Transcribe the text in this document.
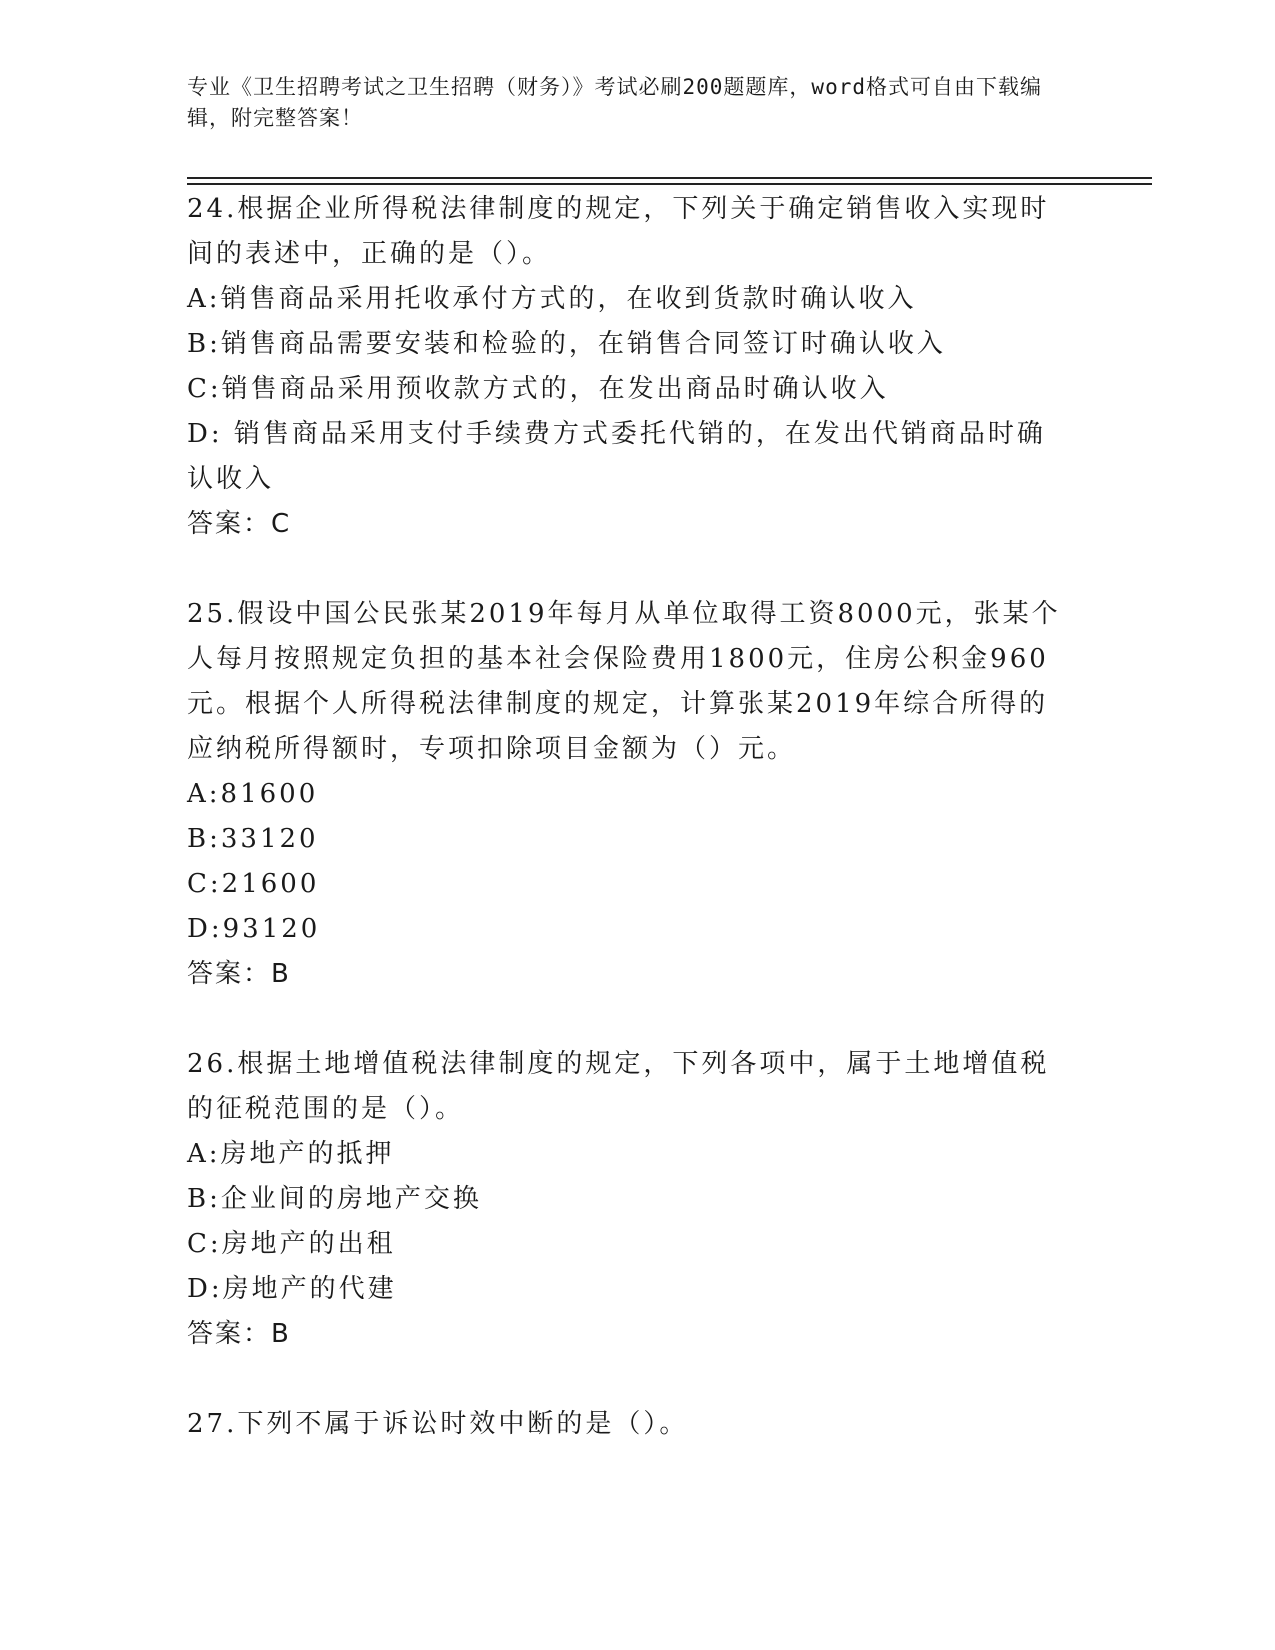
专业《卫生招聘考试之卫生招聘（财务）》考试必刷200题题库，word格式可自由下载编辑，附完整答案！

24.根据企业所得税法律制度的规定，下列关于确定销售收入实现时间的表述中，正确的是（）。

A: 销售商品采用托收承付方式的，在收到货款时确认收入

B: 销售商品需要安装和检验的，在销售合同签订时确认收入

C: 销售商品采用预收款方式的，在发出商品时确认收入

D: 销售商品采用支付手续费方式委托代销的，在发出代销商品时确认收入

答案：C

25.假设中国公民张某2019年每月从单位取得工资8000元，张某个人每月按照规定负担的基本社会保险费用1800元，住房公积金960元。根据个人所得税法律制度的规定，计算张某2019年综合所得的应纳税所得额时，专项扣除项目金额为（）元。

A: 81600

B: 33120

C: 21600

D: 93120

答案：B

26.根据土地增值税法律制度的规定，下列各项中，属于土地增值税的征税范围的是（）。

A: 房地产的抵押

B: 企业间的房地产交换

C: 房地产的出租

D: 房地产的代建

答案：B

27.下列不属于诉讼时效中断的是（）。
